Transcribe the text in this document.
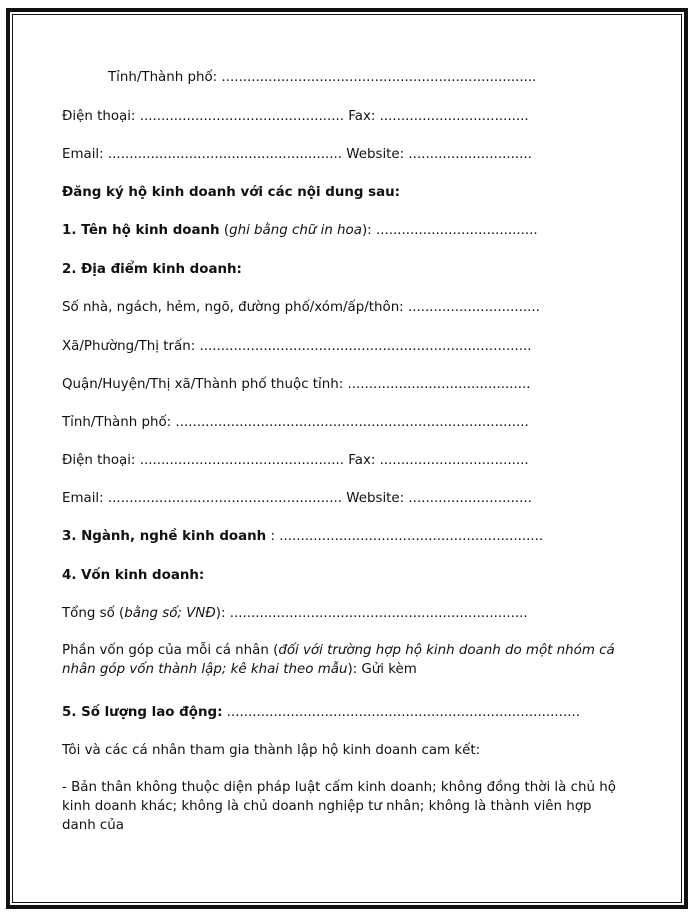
Tỉnh/Thành phố: ..........................................................................

Điện thoại: ................................................ Fax: ...................................

Email: ....................................................... Website: .............................

Đăng ký hộ kinh doanh với các nội dung sau:

1. Tên hộ kinh doanh (ghi bằng chữ in hoa): ......................................

2. Địa điểm kinh doanh:

Số nhà, ngách, hẻm, ngõ, đường phố/xóm/ấp/thôn: ...............................

Xã/Phường/Thị trấn: ..............................................................................

Quận/Huyện/Thị xã/Thành phố thuộc tỉnh: ...........................................

Tỉnh/Thành phố: ...................................................................................

Điện thoại: ................................................ Fax: ...................................

Email: ....................................................... Website: .............................

3. Ngành, nghề kinh doanh : ..............................................................

4. Vốn kinh doanh:

Tổng số (bằng số; VNĐ): ......................................................................

Phần vốn góp của mỗi cá nhân (đối với trường hợp hộ kinh doanh do một nhóm cá nhân góp vốn thành lập; kê khai theo mẫu): Gửi kèm

5. Số lượng lao động: ...................................................................................

Tôi và các cá nhân tham gia thành lập hộ kinh doanh cam kết:

- Bản thân không thuộc diện pháp luật cấm kinh doanh; không đồng thời là chủ hộ kinh doanh khác; không là chủ doanh nghiệp tư nhân; không là thành viên hợp danh của
